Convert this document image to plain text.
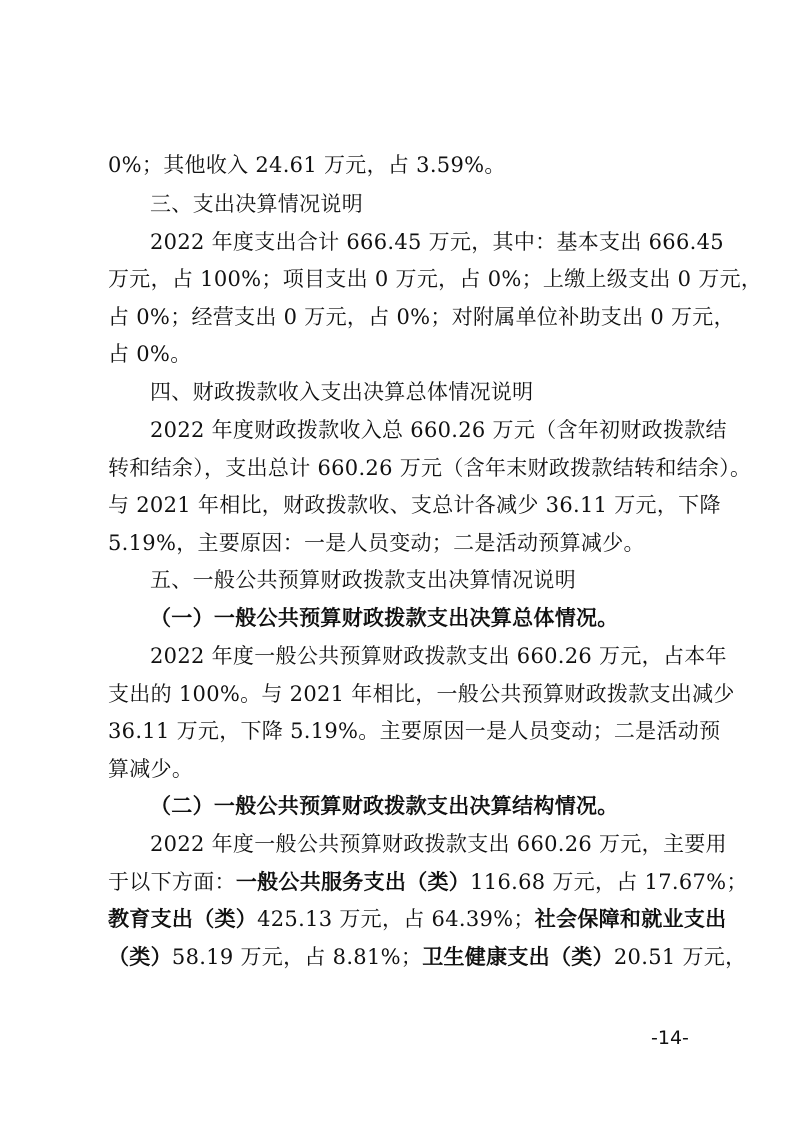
0%；其他收入 24.61 万元，占 3.59%。
三、支出决算情况说明
2022 年度支出合计 666.45 万元，其中：基本支出 666.45
万元，占 100%；项目支出 0 万元，占 0%；上缴上级支出 0 万元，
占 0%；经营支出 0 万元，占 0%；对附属单位补助支出 0 万元，
占 0%。
四、财政拨款收入支出决算总体情况说明
2022 年度财政拨款收入总 660.26 万元（含年初财政拨款结
转和结余），支出总计 660.26 万元（含年末财政拨款结转和结余）。
与 2021 年相比，财政拨款收、支总计各减少 36.11 万元，下降
5.19%，主要原因：一是人员变动；二是活动预算减少。
五、一般公共预算财政拨款支出决算情况说明
（一）一般公共预算财政拨款支出决算总体情况。
2022 年度一般公共预算财政拨款支出 660.26 万元，占本年
支出的 100%。与 2021 年相比，一般公共预算财政拨款支出减少
36.11 万元，下降 5.19%。主要原因一是人员变动；二是活动预
算减少。
（二）一般公共预算财政拨款支出决算结构情况。
2022 年度一般公共预算财政拨款支出 660.26 万元，主要用
于以下方面：一般公共服务支出（类）116.68 万元，占 17.67%；
教育支出（类）425.13 万元，占 64.39%；社会保障和就业支出
（类）58.19 万元，占 8.81%；卫生健康支出（类）20.51 万元，
-14-
